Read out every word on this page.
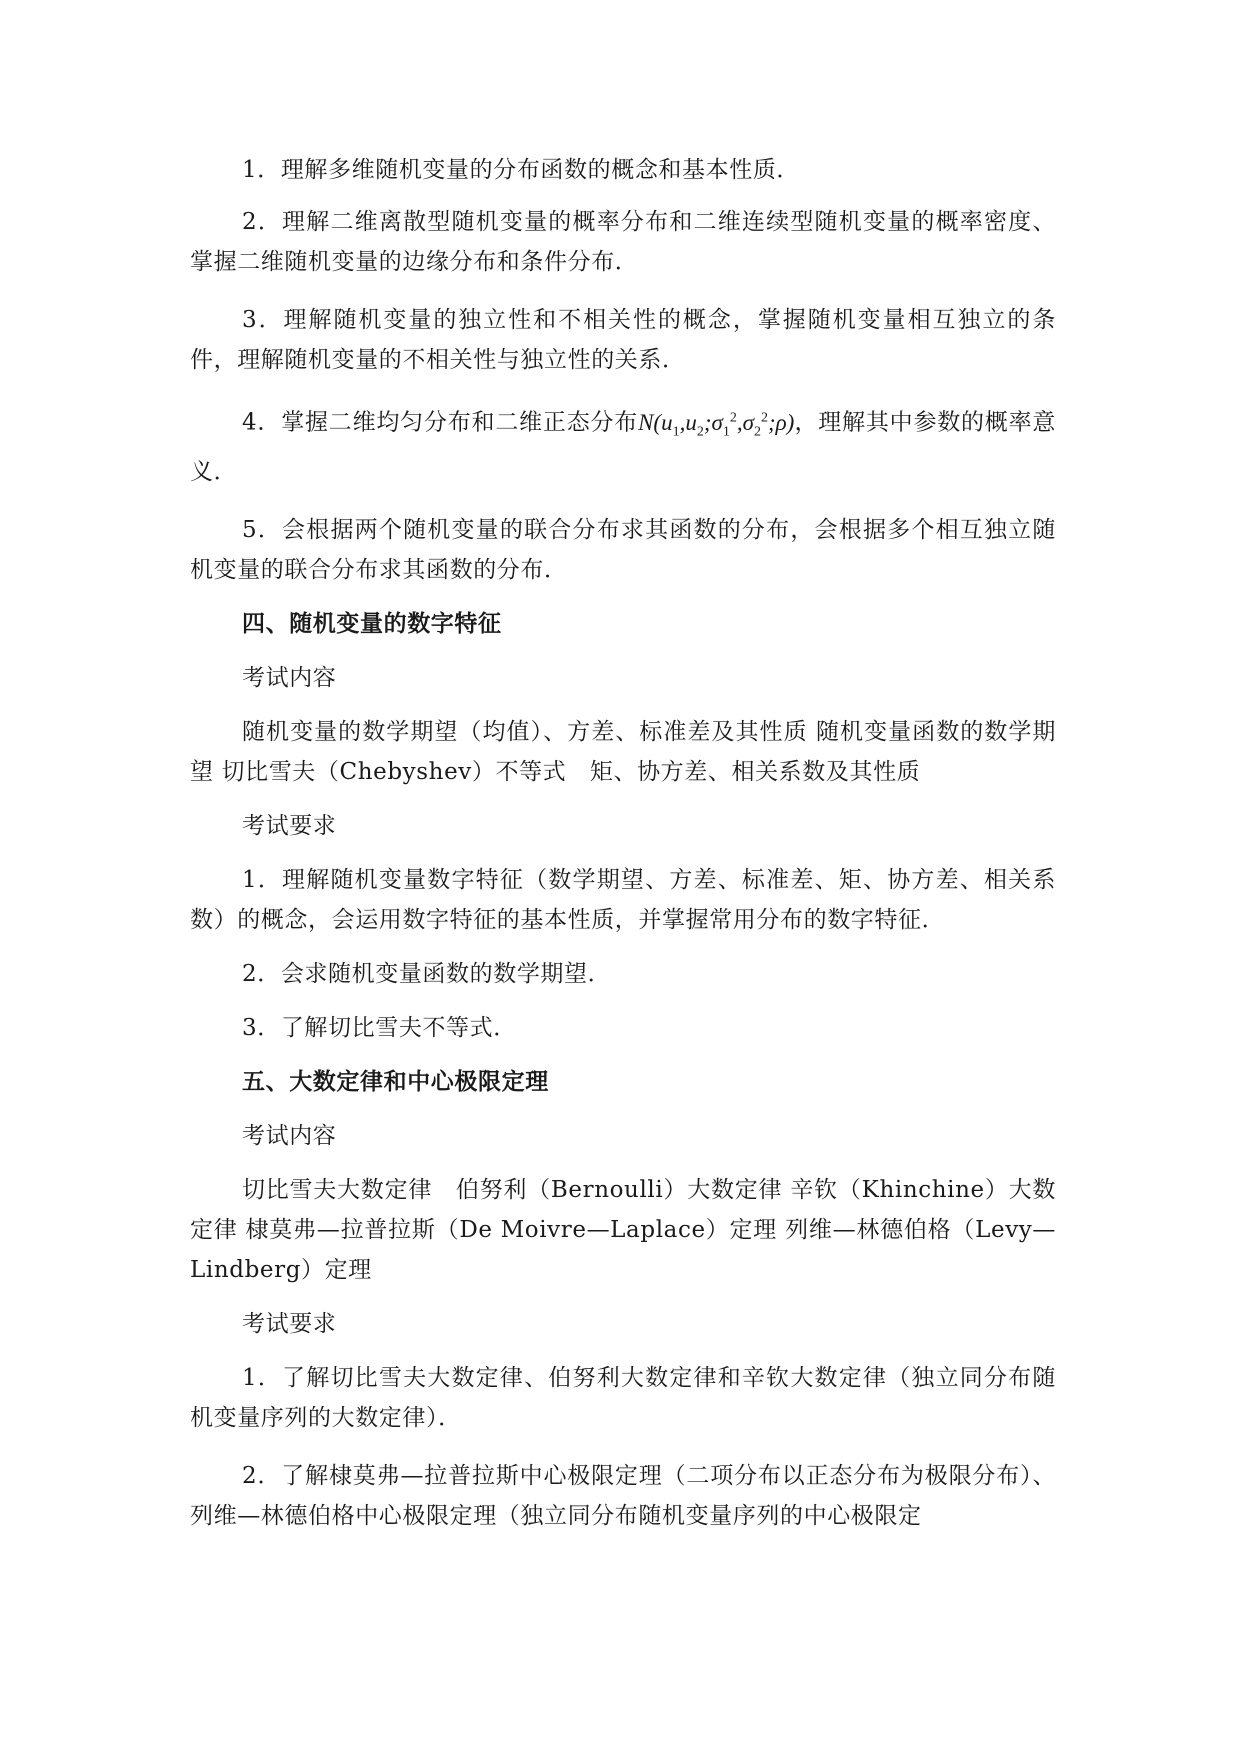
1．理解多维随机变量的分布函数的概念和基本性质．

2．理解二维离散型随机变量的概率分布和二维连续型随机变量的概率密度、掌握二维随机变量的边缘分布和条件分布．

3．理解随机变量的独立性和不相关性的概念，掌握随机变量相互独立的条件，理解随机变量的不相关性与独立性的关系．

4．掌握二维均匀分布和二维正态分布$N(u_1,u_2;\sigma_1^2,\sigma_2^2;\rho)$，理解其中参数的概率意义．

5．会根据两个随机变量的联合分布求其函数的分布，会根据多个相互独立随机变量的联合分布求其函数的分布．

四、随机变量的数字特征

考试内容

随机变量的数学期望（均值）、方差、标准差及其性质 随机变量函数的数学期望 切比雪夫（Chebyshev）不等式　矩、协方差、相关系数及其性质

考试要求

1．理解随机变量数字特征（数学期望、方差、标准差、矩、协方差、相关系数）的概念，会运用数字特征的基本性质，并掌握常用分布的数字特征．

2．会求随机变量函数的数学期望．

3．了解切比雪夫不等式．

五、大数定律和中心极限定理

考试内容

切比雪夫大数定律　伯努利（Bernoulli）大数定律 辛钦（Khinchine）大数定律 棣莫弗—拉普拉斯（De Moivre—Laplace）定理 列维—林德伯格（Levy—Lindberg）定理

考试要求

1．了解切比雪夫大数定律、伯努利大数定律和辛钦大数定律（独立同分布随机变量序列的大数定律）．

2．了解棣莫弗—拉普拉斯中心极限定理（二项分布以正态分布为极限分布）、列维—林德伯格中心极限定理（独立同分布随机变量序列的中心极限定
